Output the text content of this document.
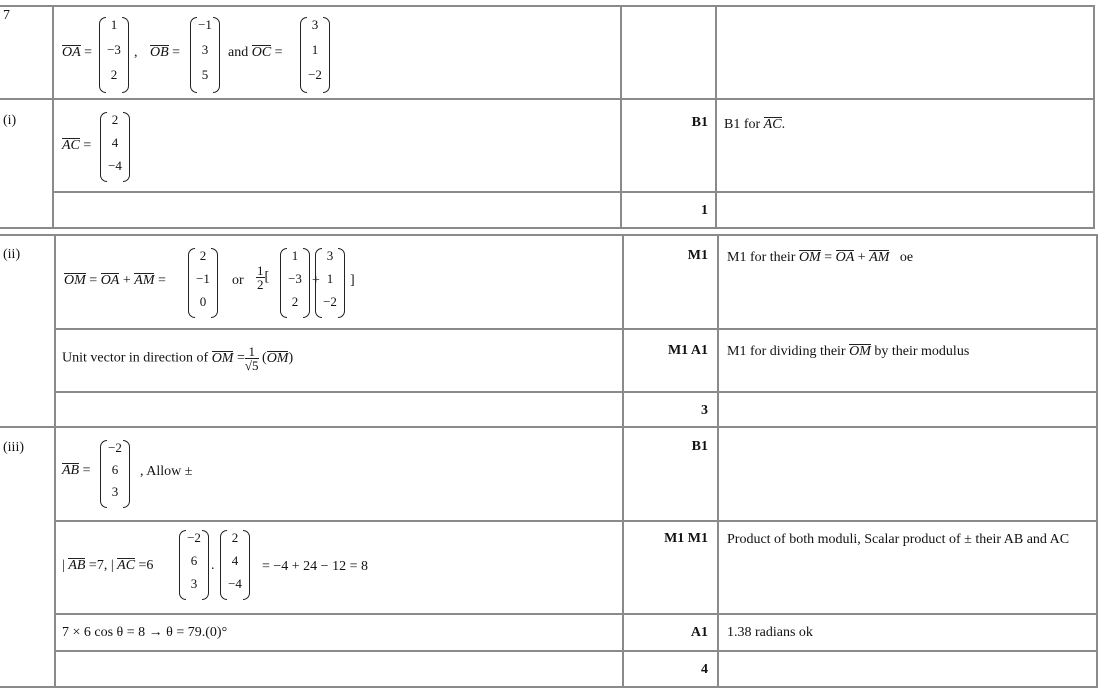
7
OA =
1
−3
2
, OB =
−1
3
5
and OC =
3
1
−2
(i)
AC =
2
4
−4
B1 B1 for AC.
1
(ii)
OM = OA + AM =
2
−1
0
or $\frac{1}{2}$ [
1
−3
2
+
3
1
−2
]
M1 M1 for their OM = OA + AM oe
Unit vector in direction of OM = $\frac{1}{√5} (OM)$
M1 A1 M1 for dividing their OM by their modulus
3
(iii)
AB =
−2
6
3
, Allow ±
B1
| AB =7, | AC =6
−2
6
3
.
2
4
−4
= −4 + 24 − 12 = 8
M1 M1 Product of both moduli, Scalar product of ± their AB and AC
7 × 6 cos θ = 8 → θ = 79.(0)°	A1 1.38 radians ok
4
